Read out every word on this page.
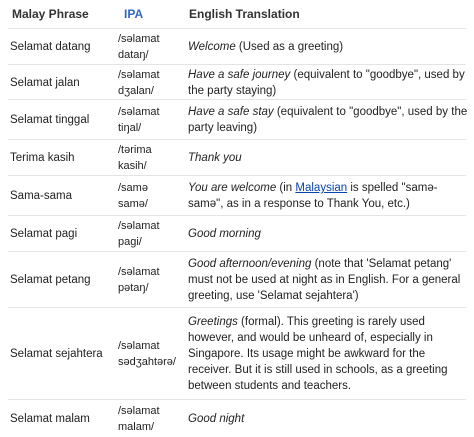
Malay Phrase	IPA	English Translation
Selamat datang
/səlamat
dataŋ/
Welcome (Used as a greeting)
Selamat jalan
/səlamat
dʒalan/
Have a safe journey (equivalent to "goodbye", used by the party staying)
Selamat tinggal
/səlamat
tiŋal/
Have a safe stay (equivalent to "goodbye", used by the party leaving)
Terima kasih
/tərima
kasih/
Thank you
Sama-sama
/samə
samə/
You are welcome (in Malaysian is spelled "samə-samə", as in a response to Thank You, etc.)
Selamat pagi
/səlamat
pagi/
Good morning
Selamat petang
/səlamat
pətaŋ/
Good afternoon/evening (note that 'Selamat petang' must not be used at night as in English. For a general greeting, use 'Selamat sejahtera')
Selamat sejahtera
/səlamat
sədʒahtərə/
Greetings (formal). This greeting is rarely used however, and would be unheard of, especially in Singapore. Its usage might be awkward for the receiver. But it is still used in schools, as a greeting between students and teachers.
Selamat malam
/səlamat
malam/
Good night
